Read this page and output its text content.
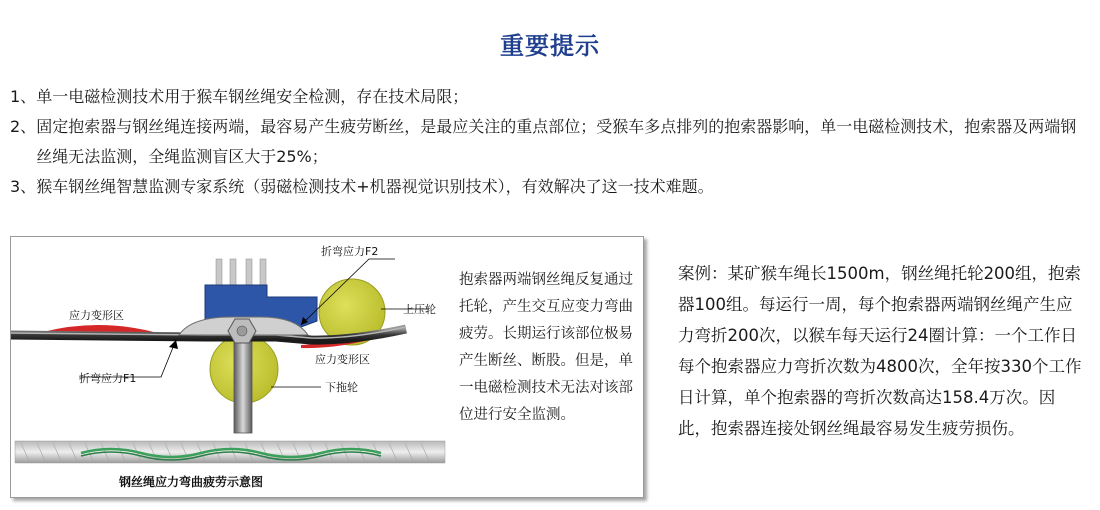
重要提示
1、 单一电磁检测技术用于猴车钢丝绳安全检测，存在技术局限；
2、 固定抱索器与钢丝绳连接两端，最容易产生疲劳断丝，是最应关注的重点部位；受猴车多点排列的抱索器影响，单一电磁检测技术，抱索器及两端钢丝绳无法监测，全绳监测盲区大于25%；
3、 猴车钢丝绳智慧监测专家系统（弱磁检测技术+机器视觉识别技术），有效解决了这一技术难题。
折弯应力F2
上压轮
应力变形区
应力变形区
折弯应力F1
下拖轮
钢丝绳应力弯曲疲劳示意图
抱索器两端钢丝绳反复通过托轮，产生交互应变力弯曲疲劳。长期运行该部位极易产生断丝、断股。但是，单一电磁检测技术无法对该部位进行安全监测。
案例：某矿猴车绳长1500m，钢丝绳托轮200组，抱索器100组。每运行一周，每个抱索器两端钢丝绳产生应力弯折200次，以猴车每天运行24圈计算：一个工作日每个抱索器应力弯折次数为4800次，全年按330个工作日计算，单个抱索器的弯折次数高达158.4万次。因此，抱索器连接处钢丝绳最容易发生疲劳损伤。
